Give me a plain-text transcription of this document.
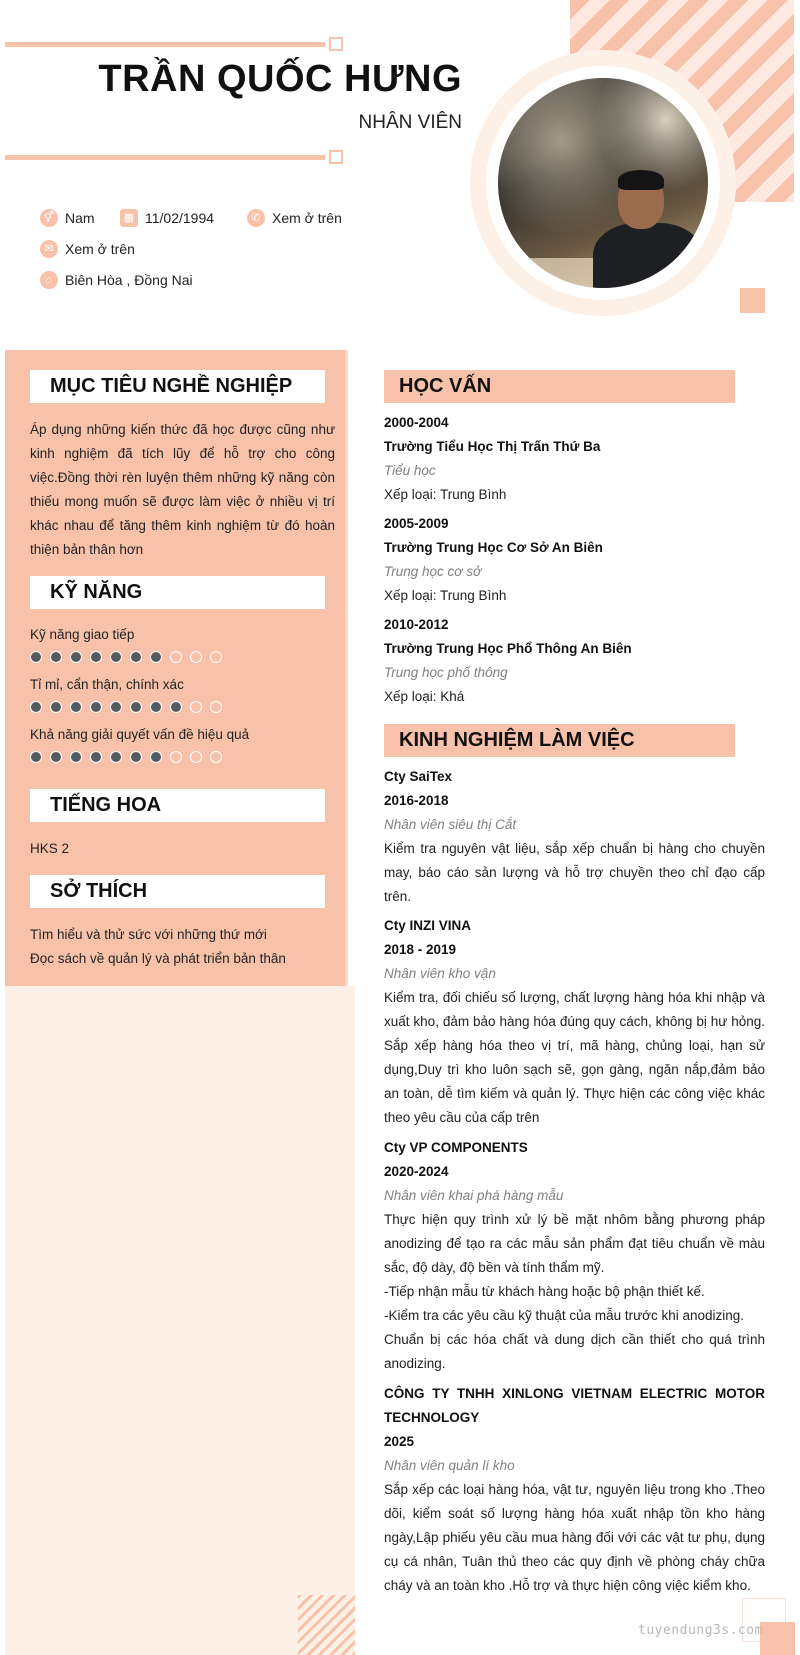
TRẦN QUỐC HƯNG
NHÂN VIÊN
⚥ Nam	▦ 11/02/1994	✆ Xem ở trên
✉ Xem ở trên
⌂ Biên Hòa , Đồng Nai
MỤC TIÊU NGHỀ NGHIỆP
Áp dụng những kiến thức đã học được cũng như kinh nghiệm đã tích lũy để hỗ trợ cho công việc.Đồng thời rèn luyện thêm những kỹ năng còn thiếu mong muốn sẽ được làm việc ở nhiều vị trí khác nhau để tăng thêm kinh nghiệm từ đó hoàn thiện bản thân hơn
KỸ NĂNG
Kỹ năng giao tiếp
Tỉ mỉ, cẩn thận, chính xác
Khả năng giải quyết vấn đề hiệu quả
TIẾNG HOA
HKS 2
SỞ THÍCH
Tìm hiểu và thử sức với những thứ mới
Đọc sách về quản lý và phát triển bản thân
HỌC VẤN
2000-2004
Trường Tiểu Học Thị Trấn Thứ Ba
Tiểu học
Xếp loại: Trung Bình
2005-2009
Trường Trung Học Cơ Sở An Biên
Trung học cơ sở
Xếp loại: Trung Bình
2010-2012
Trường Trung Học Phổ Thông An Biên
Trung học phổ thông
Xếp loại: Khá
KINH NGHIỆM LÀM VIỆC
Cty SaiTex
2016-2018
Nhân viên siêu thị Cắt
Kiểm tra nguyên vật liệu, sắp xếp chuẩn bị hàng cho chuyền may, báo cáo sản lượng và hỗ trợ chuyền theo chỉ đạo cấp trên.
Cty INZI VINA
2018 - 2019
Nhân viên kho vận
Kiểm tra, đối chiếu số lượng, chất lượng hàng hóa khi nhập và xuất kho, đảm bảo hàng hóa đúng quy cách, không bị hư hỏng. Sắp xếp hàng hóa theo vị trí, mã hàng, chủng loại, hạn sử dụng,Duy trì kho luôn sạch sẽ, gọn gàng, ngăn nắp,đảm bảo an toàn, dễ tìm kiếm và quản lý. Thực hiện các công việc khác theo yêu cầu của cấp trên
Cty VP COMPONENTS
2020-2024
Nhân viên khai phá hàng mẫu
Thực hiện quy trình xử lý bề mặt nhôm bằng phương pháp anodizing để tạo ra các mẫu sản phẩm đạt tiêu chuẩn về màu sắc, độ dày, độ bền và tính thẩm mỹ.
-Tiếp nhận mẫu từ khách hàng hoặc bộ phận thiết kế.
-Kiểm tra các yêu cầu kỹ thuật của mẫu trước khi anodizing.
Chuẩn bị các hóa chất và dung dịch cần thiết cho quá trình anodizing.
CÔNG TY TNHH XINLONG VIETNAM ELECTRIC MOTOR TECHNOLOGY
2025
Nhân viên quản lí kho
Sắp xếp các loại hàng hóa, vật tư, nguyên liệu trong kho .Theo dõi, kiểm soát số lượng hàng hóa xuất nhập tồn kho hàng ngày,Lập phiếu yêu cầu mua hàng đối với các vật tư phụ, dụng cụ cá nhân, Tuân thủ theo các quy định về phòng cháy chữa cháy và an toàn kho .Hỗ trợ và thực hiện công việc kiểm kho.
tuyendung3s.com
